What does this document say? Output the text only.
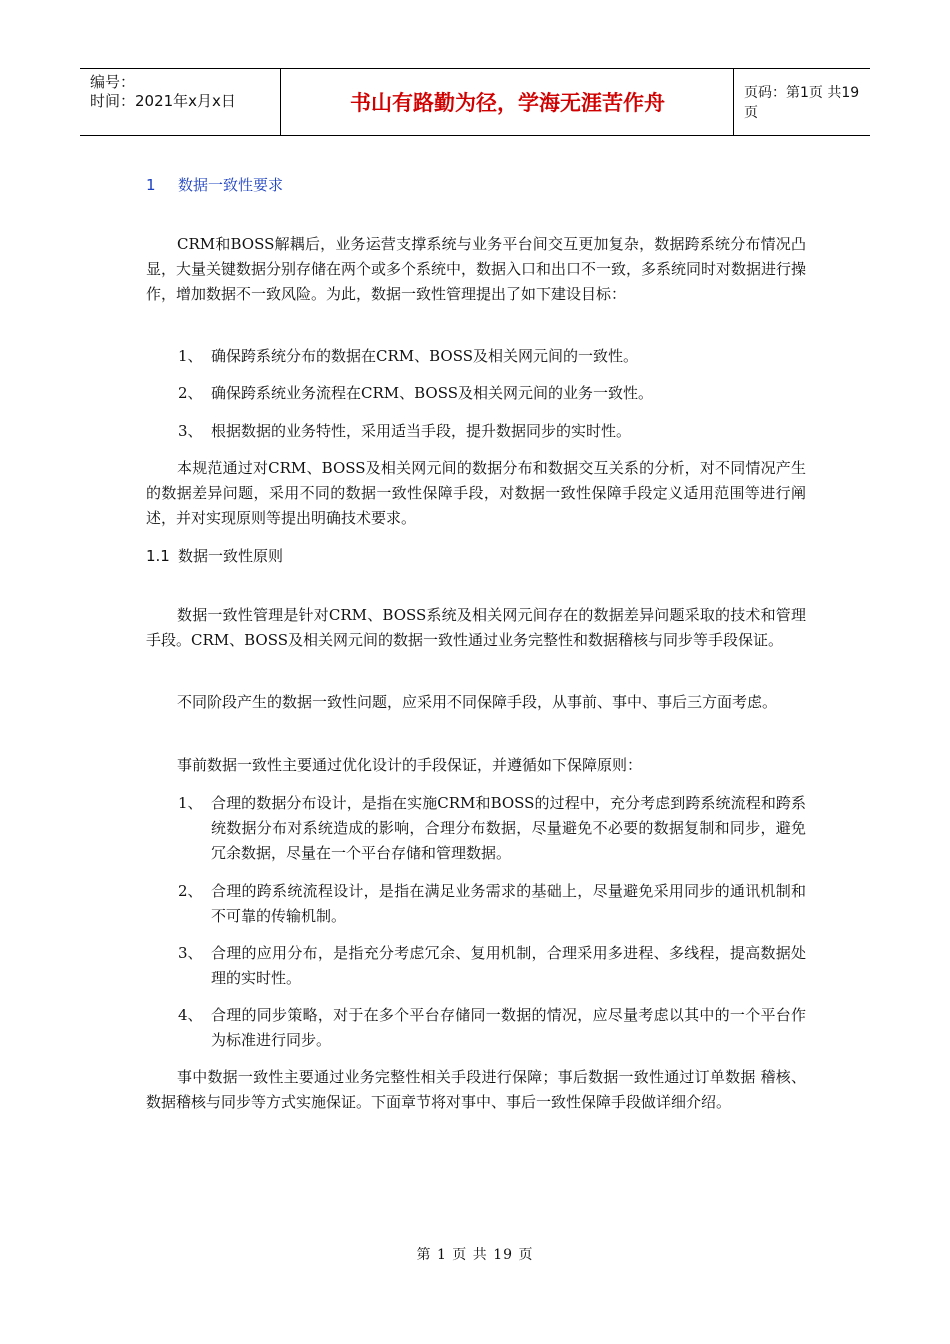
编号：
时间：2021年x月x日	书山有路勤为径，学海无涯苦作舟	页码：第1页 共19页
1 数据一致性要求
CRM和BOSS解耦后，业务运营支撑系统与业务平台间交互更加复杂，数据跨系统分布情况凸显，大量关键数据分别存储在两个或多个系统中，数据入口和出口不一致，多系统同时对数据进行操作，增加数据不一致风险。为此，数据一致性管理提出了如下建设目标：
1、 确保跨系统分布的数据在CRM、BOSS及相关网元间的一致性。
2、 确保跨系统业务流程在CRM、BOSS及相关网元间的业务一致性。
3、 根据数据的业务特性，采用适当手段，提升数据同步的实时性。
本规范通过对CRM、BOSS及相关网元间的数据分布和数据交互关系的分析，对不同情况产生的数据差异问题，采用不同的数据一致性保障手段，对数据一致性保障手段定义适用范围等进行阐述，并对实现原则等提出明确技术要求。
1.1 数据一致性原则
数据一致性管理是针对CRM、BOSS系统及相关网元间存在的数据差异问题采取的技术和管理手段。CRM、BOSS及相关网元间的数据一致性通过业务完整性和数据稽核与同步等手段保证。
不同阶段产生的数据一致性问题，应采用不同保障手段，从事前、事中、事后三方面考虑。
事前数据一致性主要通过优化设计的手段保证，并遵循如下保障原则：
1、 合理的数据分布设计，是指在实施CRM和BOSS的过程中，充分考虑到跨系统流程和跨系统数据分布对系统造成的影响，合理分布数据，尽量避免不必要的数据复制和同步，避免冗余数据，尽量在一个平台存储和管理数据。
2、 合理的跨系统流程设计，是指在满足业务需求的基础上，尽量避免采用同步的通讯机制和不可靠的传输机制。
3、 合理的应用分布，是指充分考虑冗余、复用机制，合理采用多进程、多线程，提高数据处理的实时性。
4、 合理的同步策略，对于在多个平台存储同一数据的情况，应尽量考虑以其中的一个平台作为标准进行同步。
事中数据一致性主要通过业务完整性相关手段进行保障；事后数据一致性通过订单数据 稽核、数据稽核与同步等方式实施保证。下面章节将对事中、事后一致性保障手段做详细介绍。
第 1 页 共 19 页
